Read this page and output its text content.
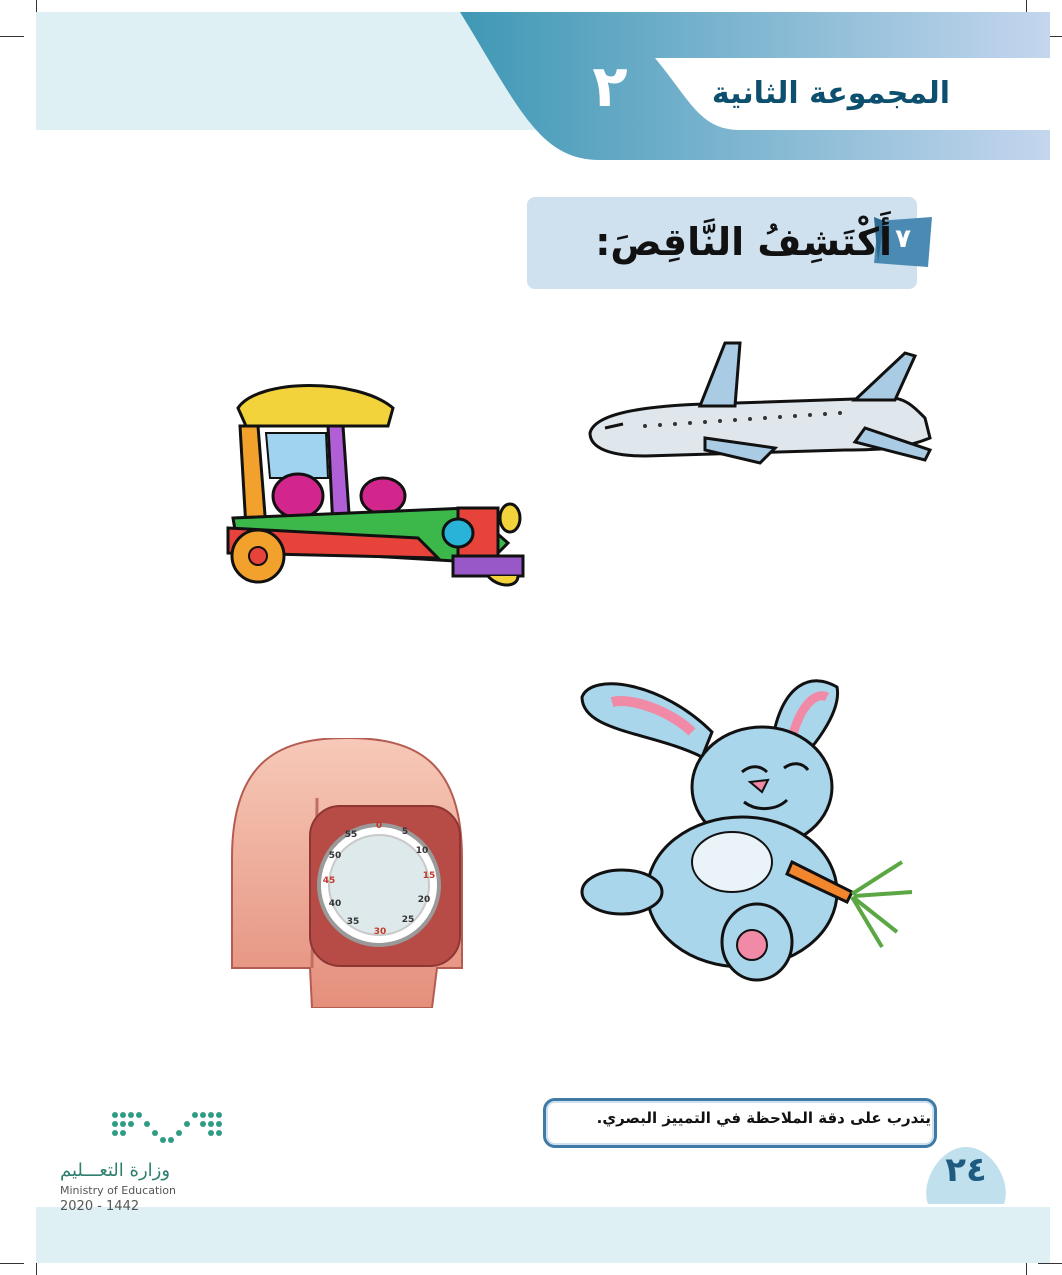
٢	المجموعة الثانية
٧
أَكْتَشِفُ النَّاقِصَ:
0
5
10
15
20
25
30
35
40
45
50
55
يتدرب على دقة الملاحظة في التمييز البصري.
٢٤
وزارة التعـــليم
Ministry of Education
2020 - 1442
